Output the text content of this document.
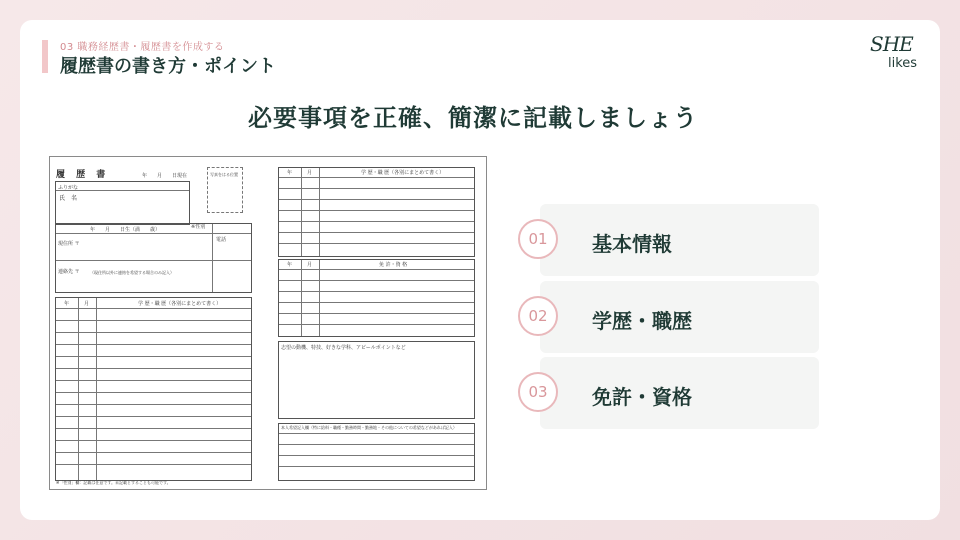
03 職務経歴書・履歴書を作成する
履歴書の書き方・ポイント
SHE
likes
必要事項を正確、簡潔に記載しましょう
履 歴 書	年　　月　　日現在
ふりがな
氏　名
写真をはる位置
年　　月　　日生（満　　歳）	※性別
現住所 〒
電話
連絡先 〒	（現住所以外に連絡を希望する場合のみ記入）
年	月	学 歴・職 歴（各別にまとめて書く）
※「性別」欄：記載は任意です。未記載とすることも可能です。
年	月	学 歴・職 歴（各別にまとめて書く）
年	月	免 許・資 格
志望の動機、特技、好きな学科、アピールポイントなど
本人希望記入欄（特に給料・職種・勤務時間・勤務地・その他についての希望などがあれば記入）
01	基本情報
02	学歴・職歴
03	免許・資格
